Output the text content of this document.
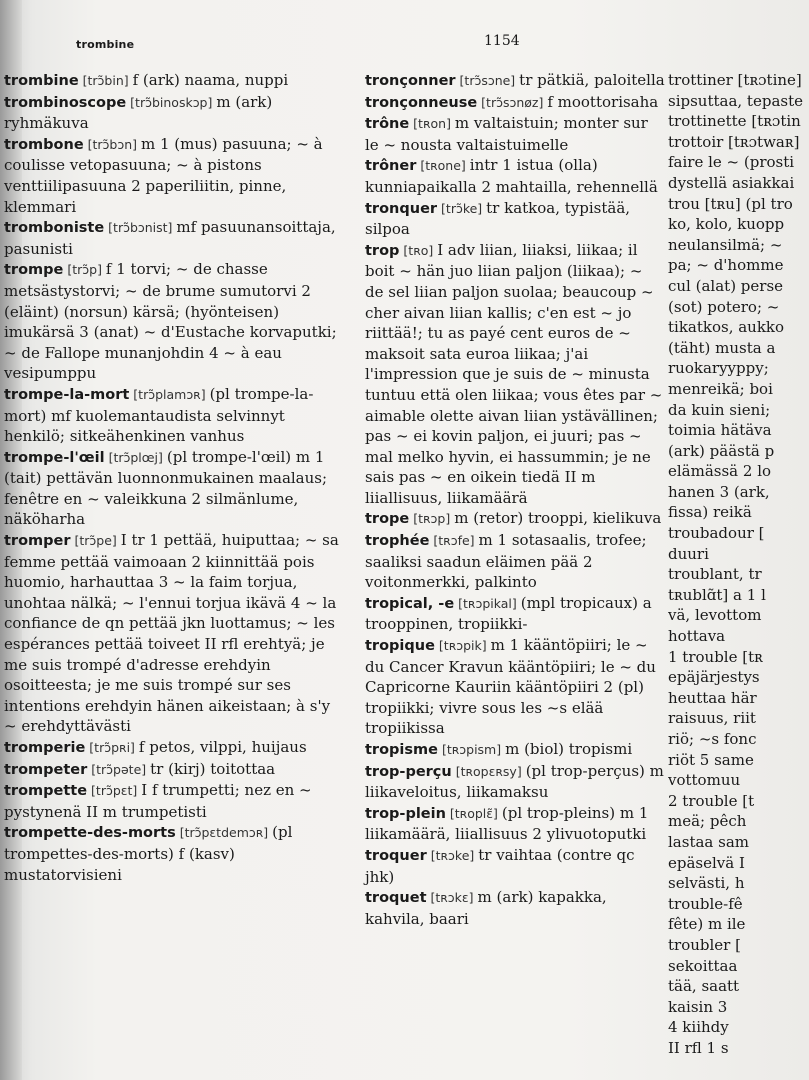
trombine	1154

trombine [trɔ̃bin] f (ark) naama, nuppi

trombinoscope [trɔ̃binoskɔp] m (ark) ryhmäkuva

trombone [trɔ̃bɔn] m 1 (mus) pasuuna; ~ à coulisse vetopasuuna; ~ à pistons venttiilipasuuna 2 paperiliitin, pinne, klemmari

tromboniste [trɔ̃bɔnist] mf pasuunansoittaja, pasunisti

trompe [trɔ̃p] f 1 torvi; ~ de chasse metsästystorvi; ~ de brume sumutorvi 2 (eläint) (norsun) kärsä; (hyönteisen) imukärsä 3 (anat) ~ d'Eustache korvaputki; ~ de Fallope munanjohdin 4 ~ à eau vesipumppu

trompe-la-mort [trɔ̃plamɔʀ] (pl trompe-la-mort) mf kuolemantaudista selvinnyt henkilö; sitkeähenkinen vanhus

trompe-l'œil [trɔ̃plœj] (pl trompe-l'œil) m 1 (tait) pettävän luonnonmukainen maalaus; fenêtre en ~ valeikkuna 2 silmänlume, näköharha

tromper [trɔ̃pe] I tr 1 pettää, huiputtaa; ~ sa femme pettää vaimoaan 2 kiinnittää pois huomio, harhauttaa 3 ~ la faim torjua, unohtaa nälkä; ~ l'ennui torjua ikävä 4 ~ la confiance de qn pettää jkn luottamus; ~ les espérances pettää toiveet II rfl erehtyä; je me suis trompé d'adresse erehdyin osoitteesta; je me suis trompé sur ses intentions erehdyin hänen aikeistaan; à s'y ~ erehdyttävästi

tromperie [trɔ̃pʀi] f petos, vilppi, huijaus

trompeter [trɔ̃pəte] tr (kirj) toitottaa

trompette [trɔ̃pɛt] I f trumpetti; nez en ~ pystynenä II m trumpetisti

trompette-des-morts [trɔ̃pɛtdemɔʀ] (pl trompettes-des-morts) f (kasv) mustatorvisieni

tronçonner [trɔ̃sɔne] tr pätkiä, paloitella

tronçonneuse [trɔ̃sɔnøz] f moottorisaha

trône [tʀon] m valtaistuin; monter sur le ~ nousta valtaistuimelle

trôner [tʀone] intr 1 istua (olla) kunniapaikalla 2 mahtailla, rehennellä

tronquer [trɔ̃ke] tr katkoa, typistää, silpoa

trop [tʀo] I adv liian, liiaksi, liikaa; il boit ~ hän juo liian paljon (liikaa); ~ de sel liian paljon suolaa; beaucoup ~ cher aivan liian kallis; c'en est ~ jo riittää!; tu as payé cent euros de ~ maksoit sata euroa liikaa; j'ai l'impression que je suis de ~ minusta tuntuu että olen liikaa; vous êtes par ~ aimable olette aivan liian ystävällinen; pas ~ ei kovin paljon, ei juuri; pas ~ mal melko hyvin, ei hassummin; je ne sais pas ~ en oikein tiedä II m liiallisuus, liikamäärä

trope [tʀɔp] m (retor) trooppi, kielikuva

trophée [tʀɔfe] m 1 sotasaalis, trofee; saaliksi saadun eläimen pää 2 voitonmerkki, palkinto

tropical, -e [tʀɔpikal] (mpl tropicaux) a trooppinen, tropiikki-

tropique [tʀɔpik] m 1 kääntöpiiri; le ~ du Cancer Kravun kääntöpiiri; le ~ du Capricorne Kauriin kääntöpiiri 2 (pl) tropiikki; vivre sous les ~s elää tropiikissa

tropisme [tʀɔpism] m (biol) tropismi

trop-perçu [tʀopɛʀsy] (pl trop-perçus) m liikaveloitus, liikamaksu

trop-plein [tʀoplɛ̃] (pl trop-pleins) m 1 liikamäärä, liiallisuus 2 ylivuotoputki

troquer [tʀɔke] tr vaihtaa (contre qc jhk)

troquet [tʀɔkɛ] m (ark) kapakka, kahvila, baari

trottiner [tʀɔtine]
sipsuttaa, tepaste
trottinette [tʀɔtin
trottoir [tʀɔtwaʀ]
faire le ~ (prosti
dystellä asiakkai
trou [tʀu] (pl tro
ko, kolo, kuopp
neulansilmä; ~
pa; ~ d'homme
cul (alat) perse
(sot) potero; ~
tikatkos, aukko
(täht) musta a
ruokaryyppy;
menreikä; boi
da kuin sieni;
toimia hätäva
(ark) päästä p
elämässä 2 lo
hanen 3 (ark,
fissa) reikä
troubadour [
duuri
troublant, tr
tʀublɑ̃t] a 1 l
vä, levottom
hottava
1 trouble [tʀ
epäjärjestys
heuttaa här
raisuus, riit
riö; ~s fonc
riöt 5 same
vottomuu
2 trouble [t
meä; pêch
lastaa sam
epäselvä I
selvästi, h
trouble-fê
fête) m ile
troubler [
sekoittaa
tää, saatt
kaisin 3
4 kiihdy
II rfl 1 s
